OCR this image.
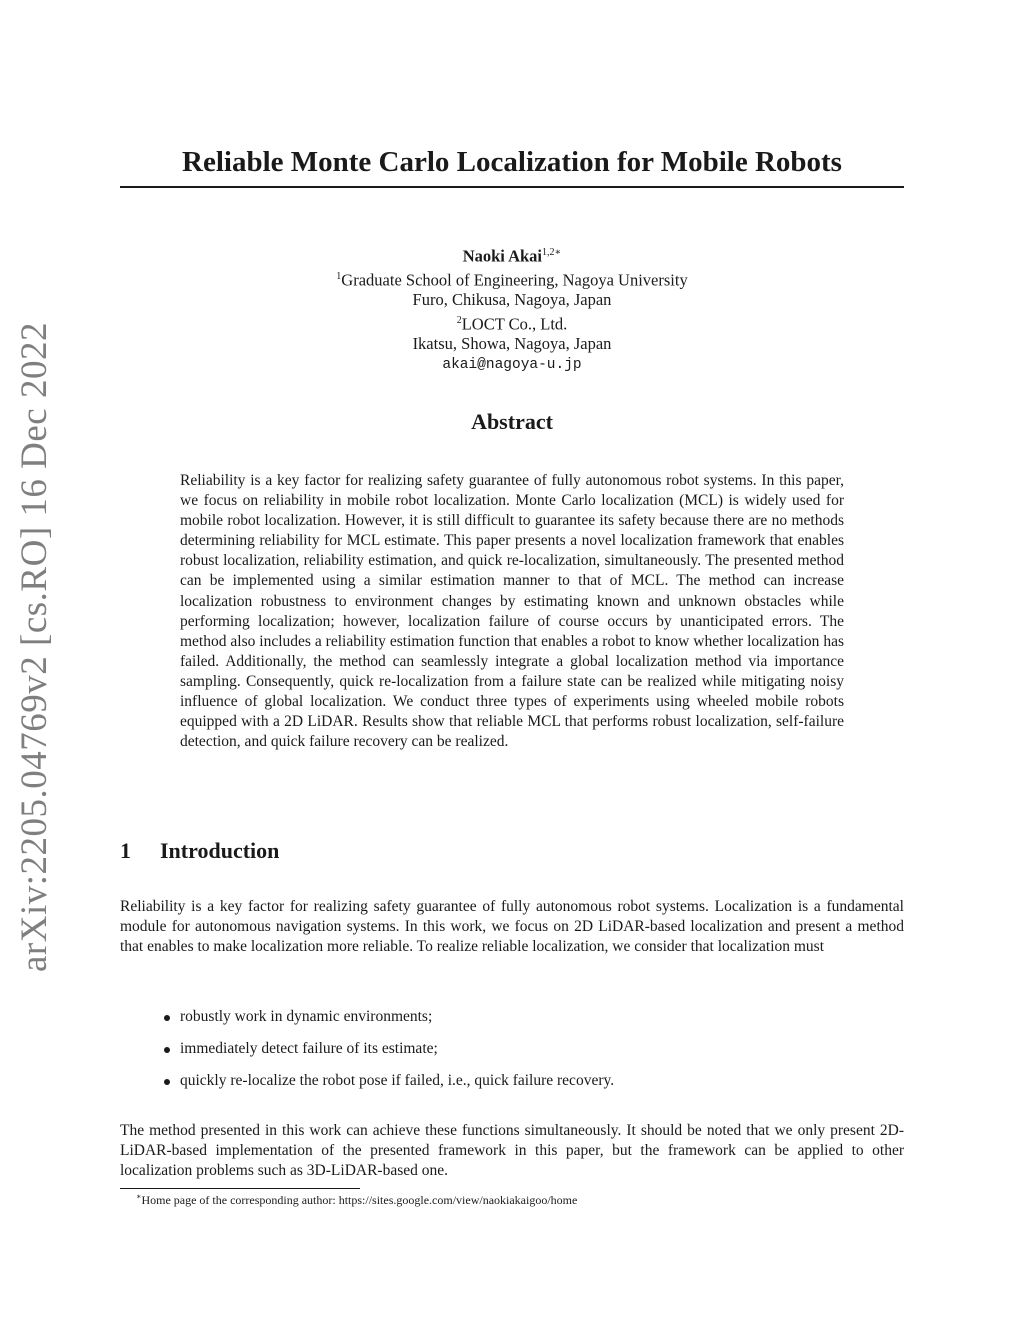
arXiv:2205.04769v2 [cs.RO] 16 Dec 2022
Reliable Monte Carlo Localization for Mobile Robots
Naoki Akai$^{1,2∗}$
$^1$Graduate School of Engineering, Nagoya University
Furo, Chikusa, Nagoya, Japan
$^2$LOCT Co., Ltd.
Ikatsu, Showa, Nagoya, Japan
akai@nagoya-u.jp
Abstract

Reliability is a key factor for realizing safety guarantee of fully autonomous robot systems. In this paper, we focus on reliability in mobile robot localization. Monte Carlo localization (MCL) is widely used for mobile robot localization. However, it is still difficult to guarantee its safety because there are no methods determining reliability for MCL estimate. This paper presents a novel localization framework that enables robust localization, reliability estimation, and quick re-localization, simultaneously. The presented method can be implemented using a similar estimation manner to that of MCL. The method can increase localization robustness to environment changes by estimating known and unknown obstacles while performing localization; however, localization failure of course occurs by unanticipated errors. The method also includes a reliability estimation function that enables a robot to know whether localization has failed. Additionally, the method can seamlessly integrate a global localization method via importance sampling. Consequently, quick re-localization from a failure state can be realized while mitigating noisy influence of global localization. We conduct three types of experiments using wheeled mobile robots equipped with a 2D LiDAR. Results show that reliable MCL that performs robust localization, self-failure detection, and quick failure recovery can be realized.

1 Introduction

Reliability is a key factor for realizing safety guarantee of fully autonomous robot systems. Localization is a fundamental module for autonomous navigation systems. In this work, we focus on 2D LiDAR-based localization and present a method that enables to make localization more reliable. To realize reliable localization, we consider that localization must

robustly work in dynamic environments;
immediately detect failure of its estimate;
quickly re-localize the robot pose if failed, i.e., quick failure recovery.

The method presented in this work can achieve these functions simultaneously. It should be noted that we only present 2D-LiDAR-based implementation of the presented framework in this paper, but the framework can be applied to other localization problems such as 3D-LiDAR-based one.

∗Home page of the corresponding author: https://sites.google.com/view/naokiakaigoo/home
